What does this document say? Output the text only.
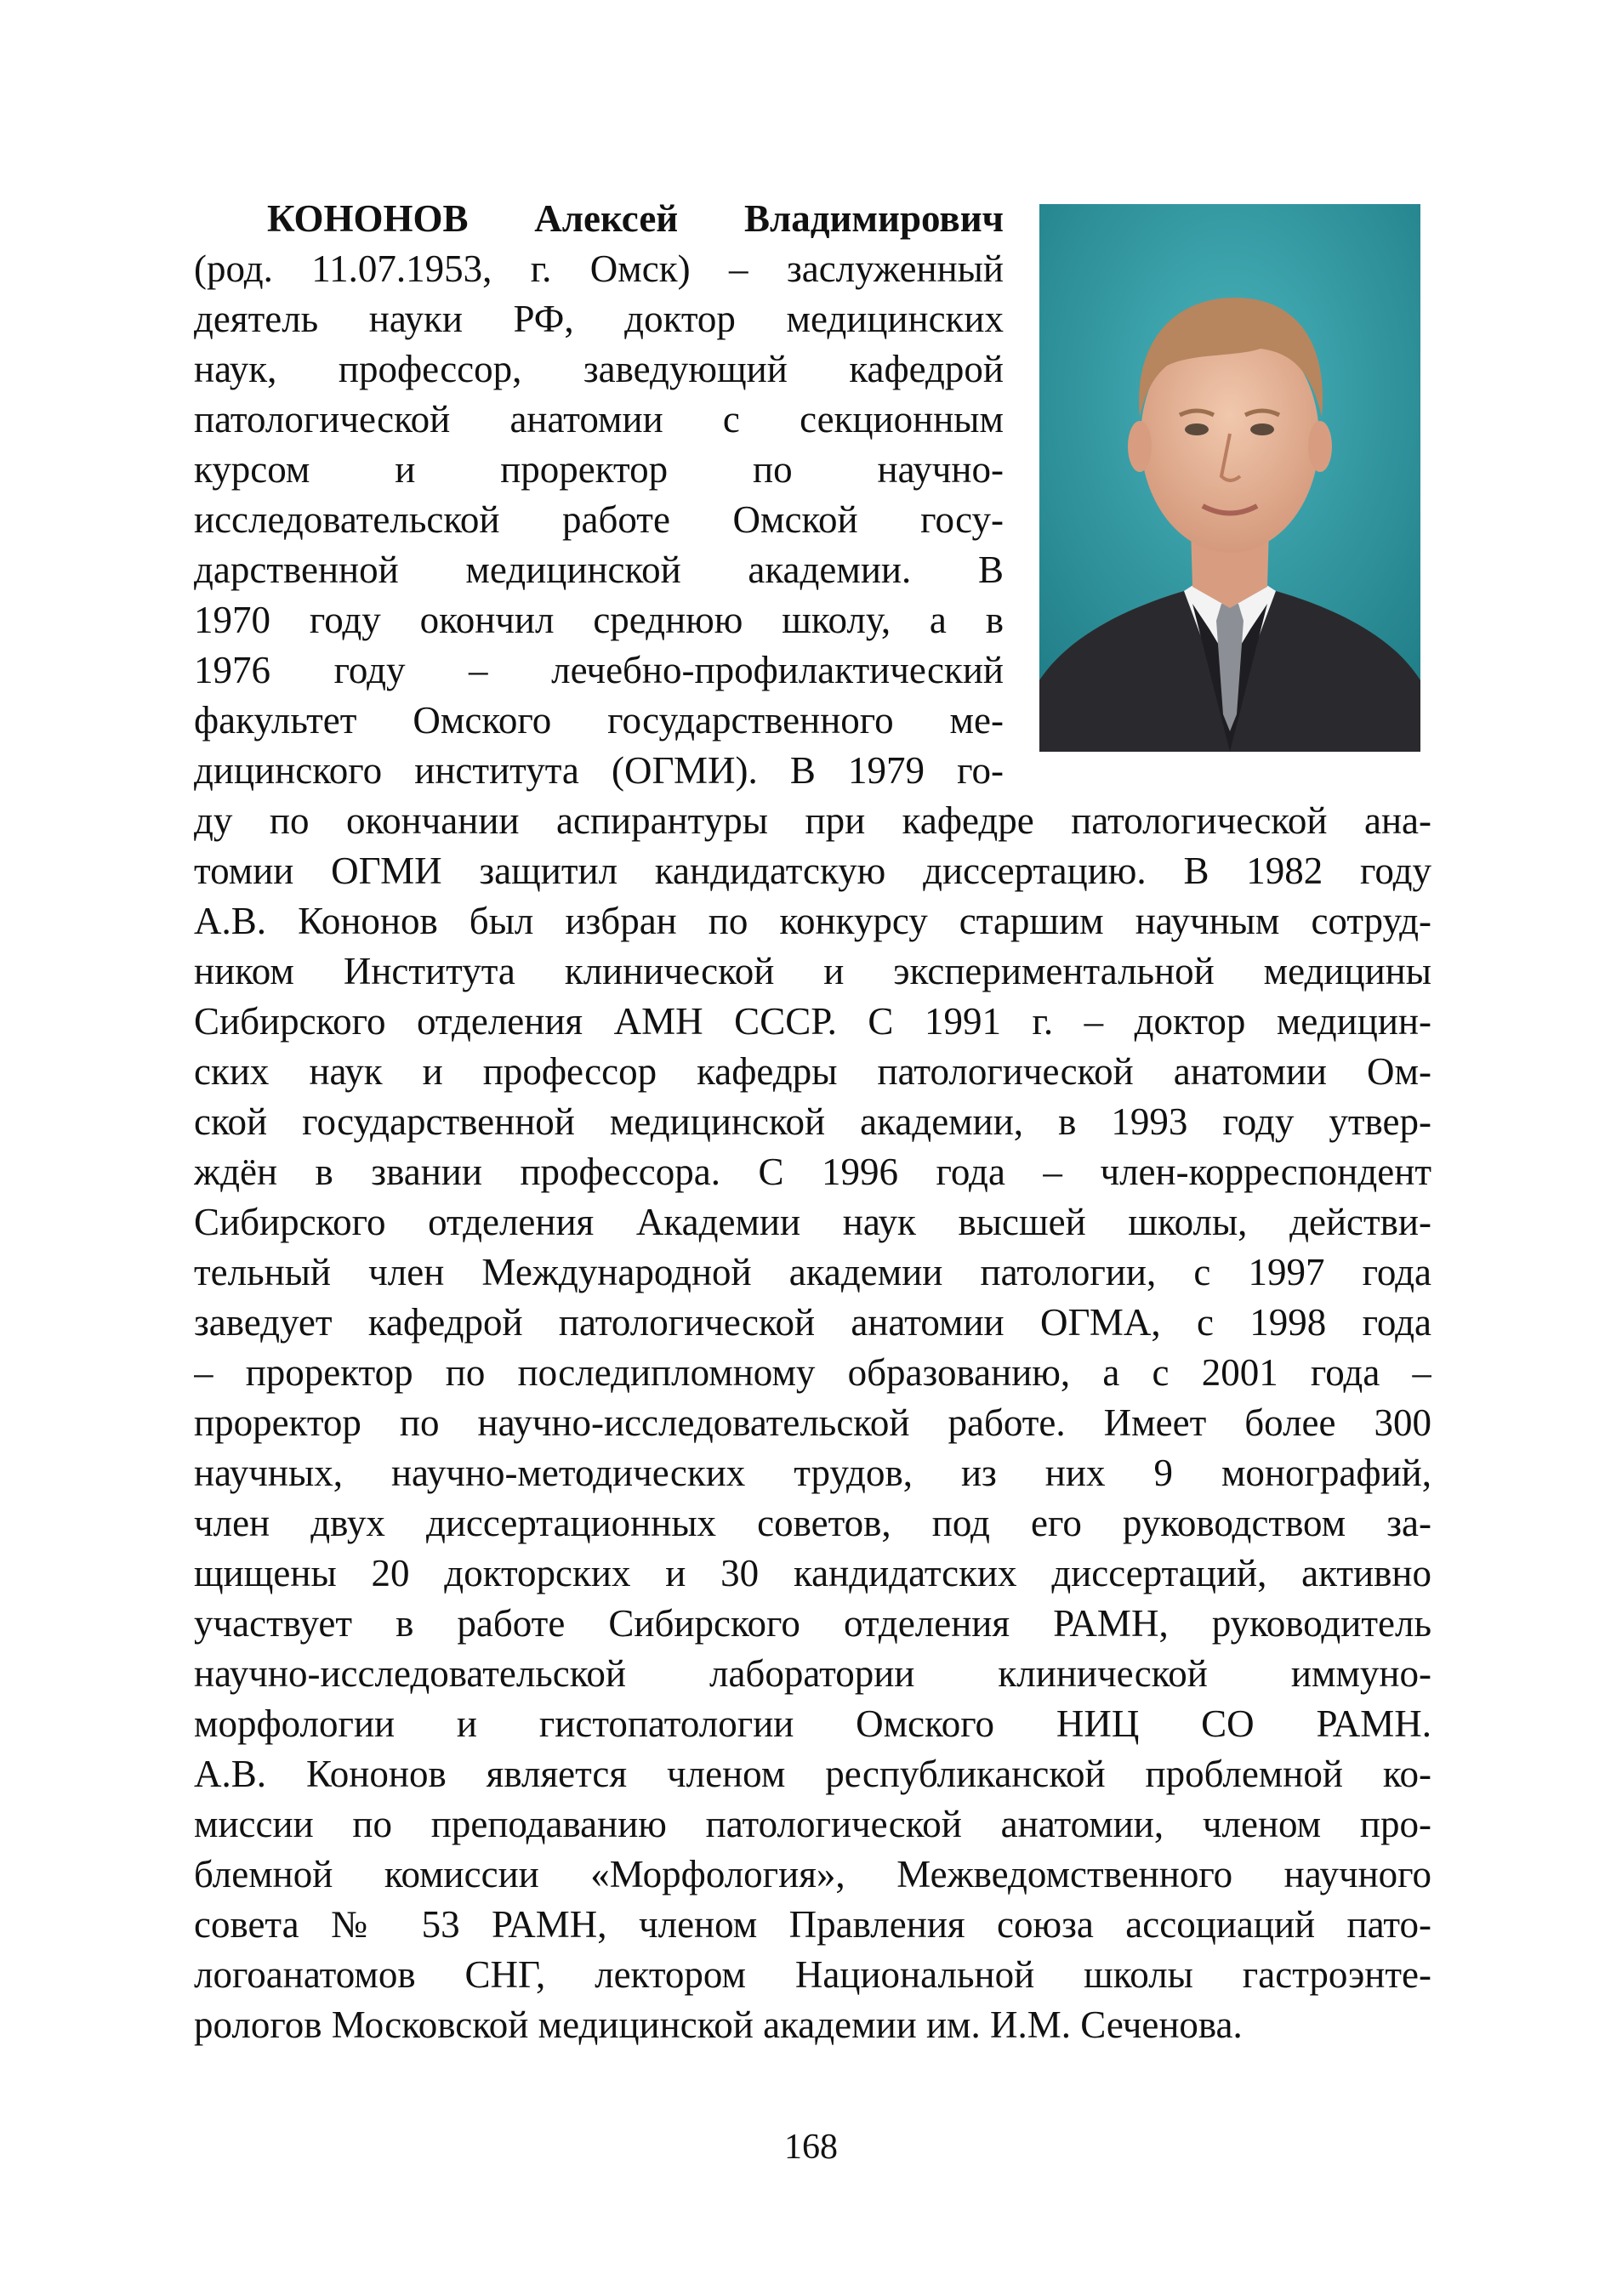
КОНОНОВ Алексей Владимирович
(род. 11.07.1953, г. Омск) – заслуженный
деятель науки РФ, доктор медицинских
наук, профессор, заведующий кафедрой
патологической анатомии с секционным
курсом и проректор по научно-
исследовательской работе Омской госу-
дарственной медицинской академии. В
1970 году окончил среднюю школу, а в
1976 году – лечебно-профилактический
факультет Омского государственного ме-
дицинского института (ОГМИ). В 1979 го-
ду по окончании аспирантуры при кафедре патологической ана-
томии ОГМИ защитил кандидатскую диссертацию. В 1982 году
А.В. Кононов был избран по конкурсу старшим научным сотруд-
ником Института клинической и экспериментальной медицины
Сибирского отделения АМН СССР. С 1991 г. – доктор медицин-
ских наук и профессор кафедры патологической анатомии Ом-
ской государственной медицинской академии, в 1993 году утвер-
ждён в звании профессора. С 1996 года – член-корреспондент
Сибирского отделения Академии наук высшей школы, действи-
тельный член Международной академии патологии, с 1997 года
заведует кафедрой патологической анатомии ОГМА, с 1998 года
– проректор по последипломному образованию, а с 2001 года –
проректор по научно-исследовательской работе. Имеет более 300
научных, научно-методических трудов, из них 9 монографий,
член двух диссертационных советов, под его руководством за-
щищены 20 докторских и 30 кандидатских диссертаций, активно
участвует в работе Сибирского отделения РАМН, руководитель
научно-исследовательской лаборатории клинической иммуно-
морфологии и гистопатологии Омского НИЦ СО РАМН.
А.В. Кононов является членом республиканской проблемной ко-
миссии по преподаванию патологической анатомии, членом про-
блемной комиссии «Морфология», Межведомственного научного
совета № 53 РАМН, членом Правления союза ассоциаций пато-
логоанатомов СНГ, лектором Национальной школы гастроэнте-
рологов Московской медицинской академии им. И.М. Сеченова.
168
